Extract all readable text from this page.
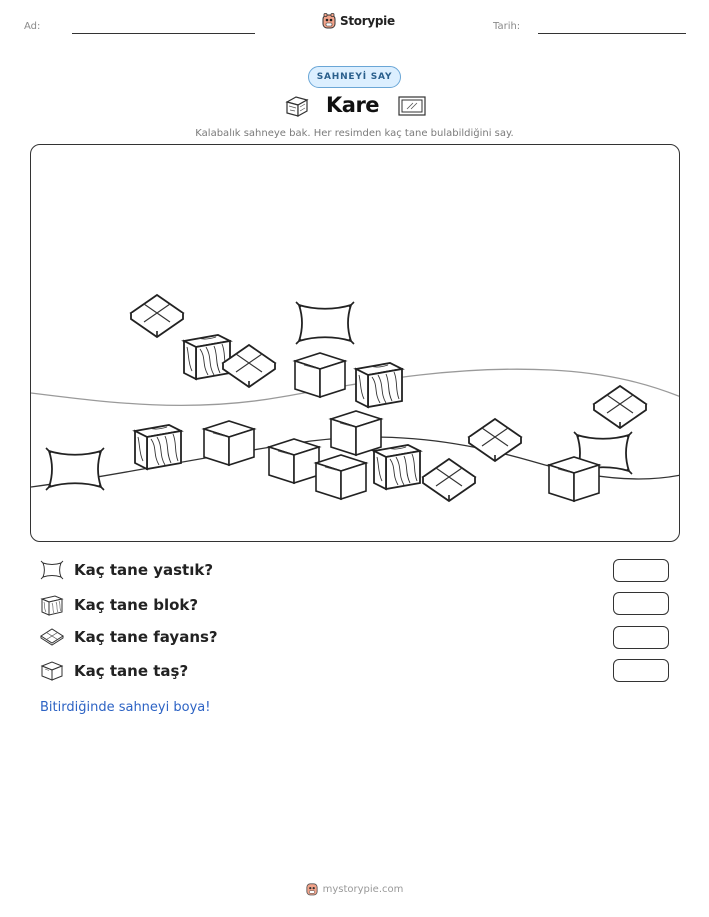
Ad:	Storypie	Tarih:
SAHNEYİ SAY
Kare
Kalabalık sahneye bak. Her resimden kaç tane bulabildiğini say.
Kaç tane yastık?
Kaç tane blok?
Kaç tane fayans?
Kaç tane taş?
Bitirdiğinde sahneyi boya!
mystorypie.com
